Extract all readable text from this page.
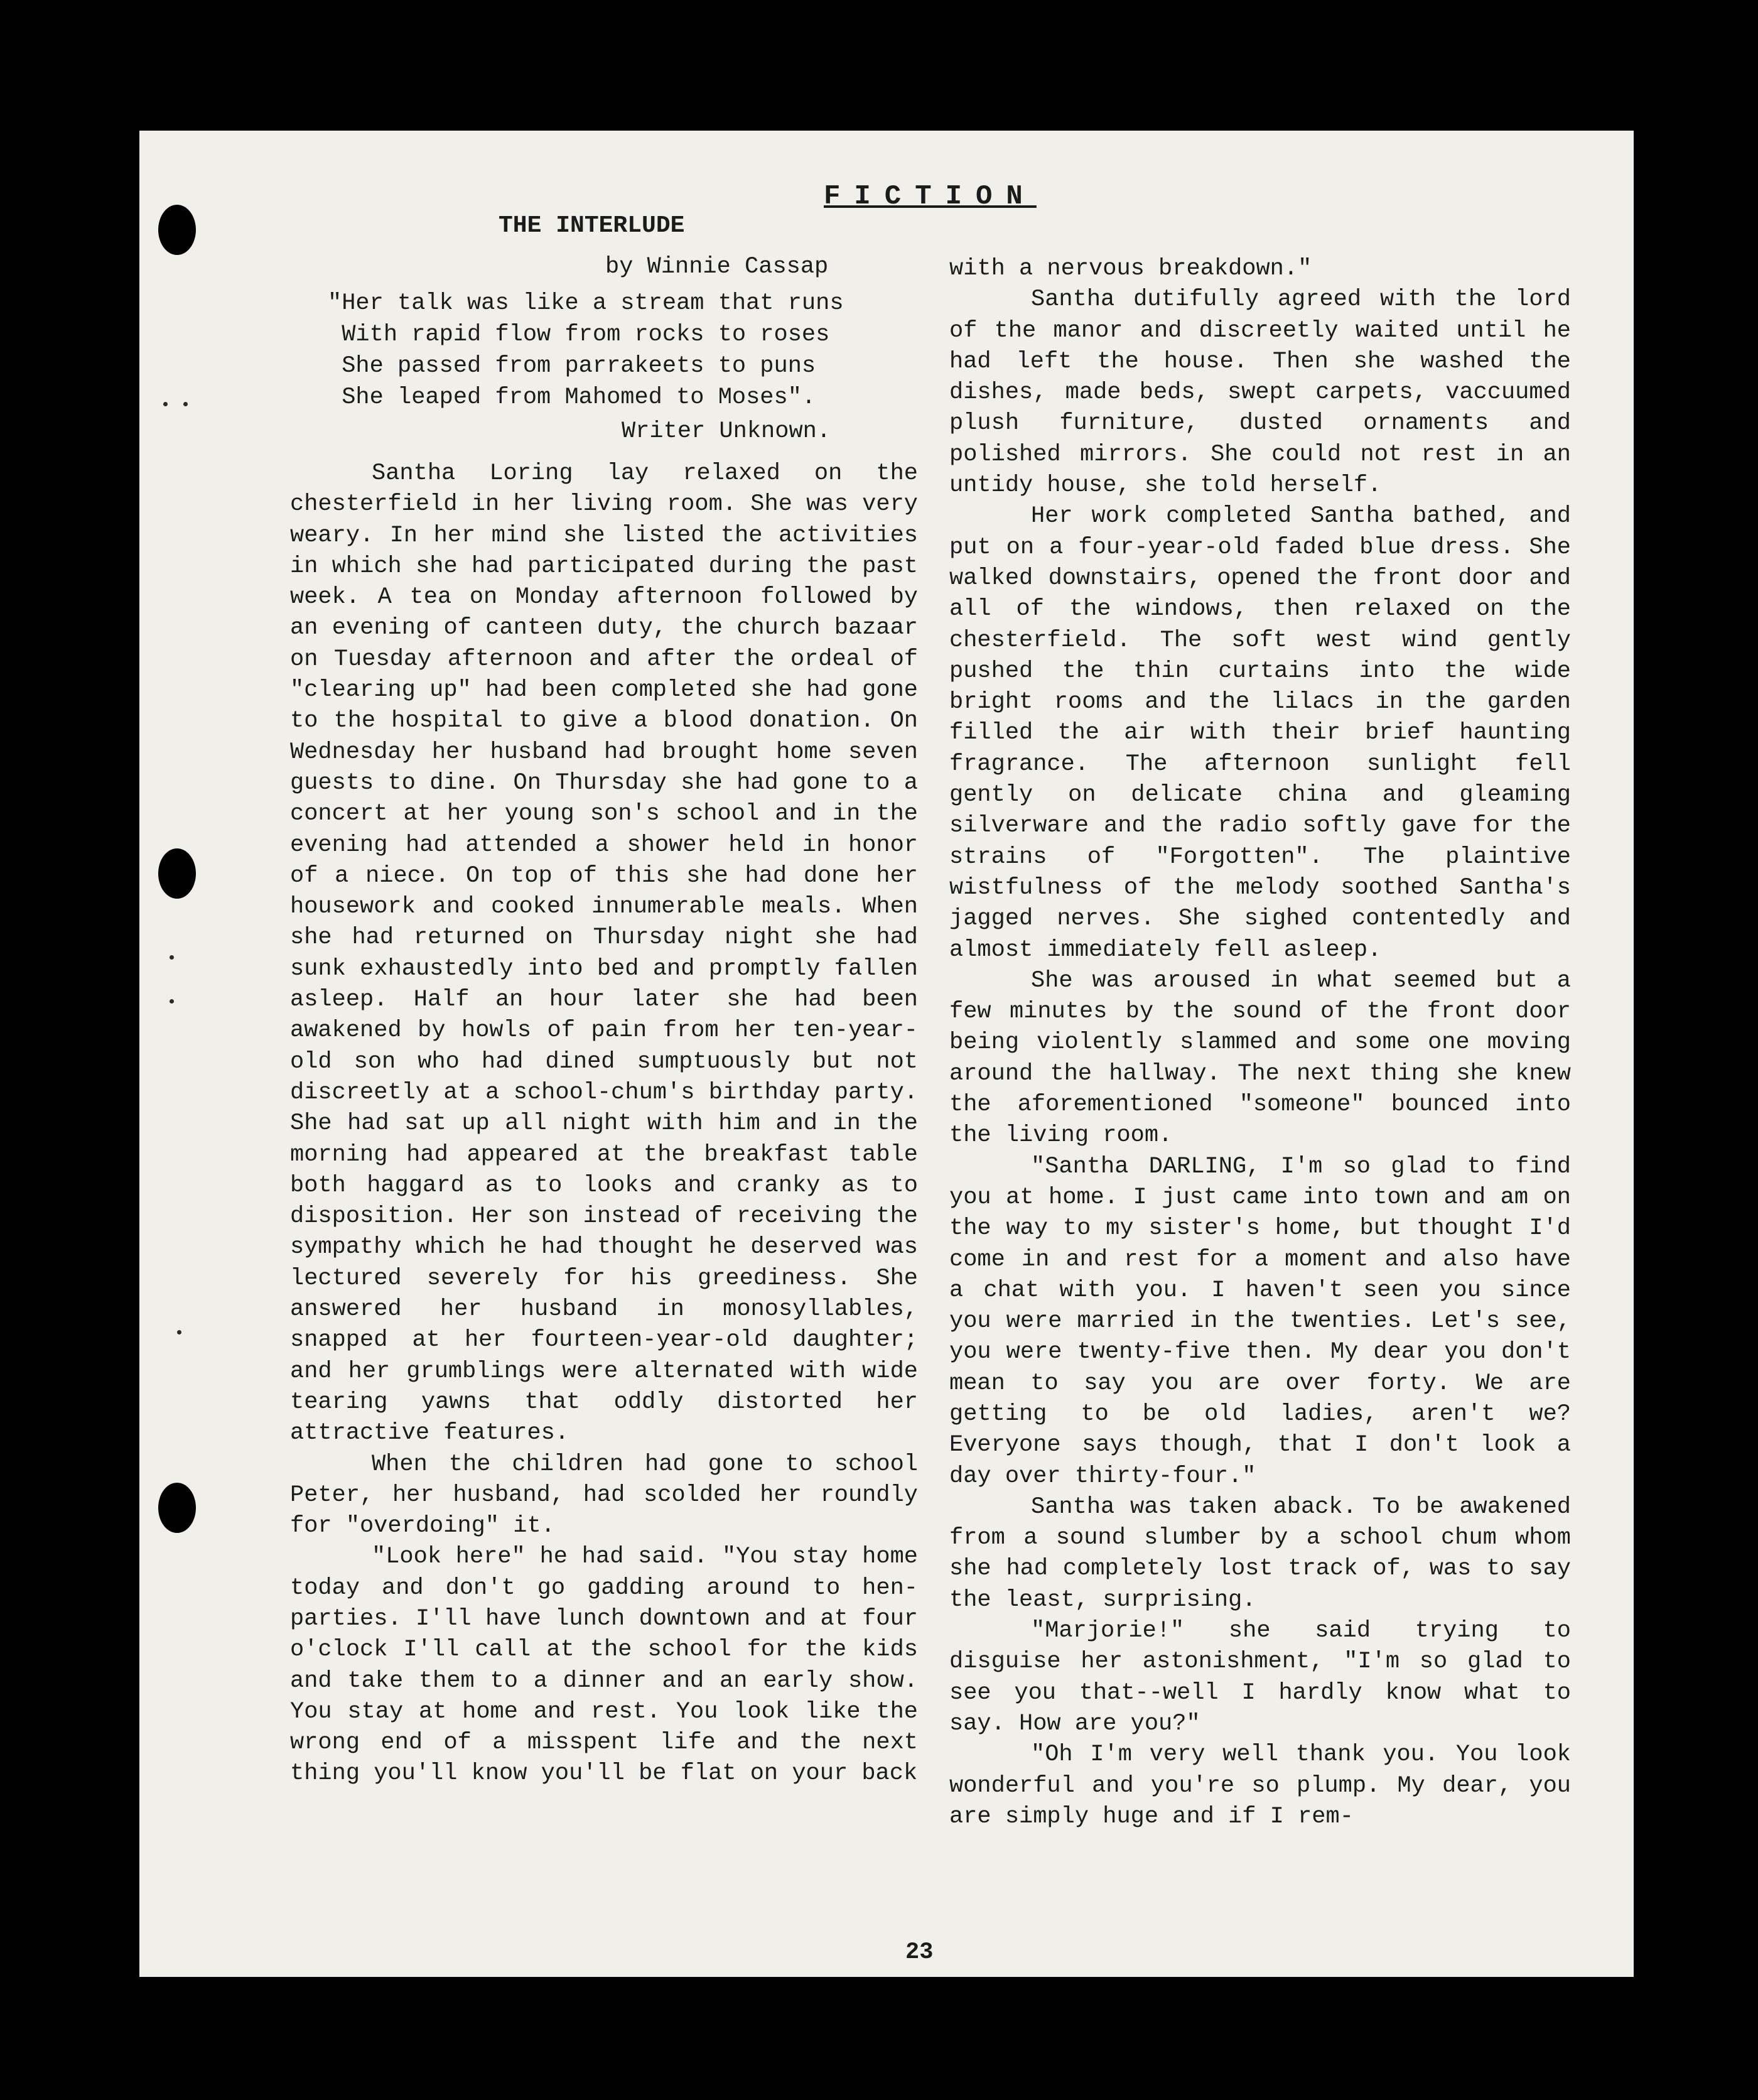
FICTION

THE INTERLUDE

by Winnie Cassap

"Her talk was like a stream that runs
With rapid flow from rocks to roses
She passed from parrakeets to puns
She leaped from Mahomed to Moses".

Writer Unknown.

Santha Loring lay relaxed on the chesterfield in her living room. She was very weary. In her mind she listed the activities in which she had participated during the past week. A tea on Monday afternoon followed by an evening of canteen duty, the church bazaar on Tuesday afternoon and after the ordeal of "clearing up" had been completed she had gone to the hospital to give a blood donation. On Wednesday her husband had brought home seven guests to dine. On Thursday she had gone to a concert at her young son's school and in the evening had attended a shower held in honor of a niece. On top of this she had done her housework and cooked innumerable meals. When she had returned on Thursday night she had sunk exhaustedly into bed and promptly fallen asleep. Half an hour later she had been awakened by howls of pain from her ten-year-old son who had dined sumptuously but not discreetly at a school-chum's birthday party. She had sat up all night with him and in the morning had appeared at the breakfast table both haggard as to looks and cranky as to disposition. Her son instead of receiving the sympathy which he had thought he deserved was lectured severely for his greediness. She answered her husband in monosyllables, snapped at her fourteen-year-old daughter; and her grumblings were alternated with wide tearing yawns that oddly distorted her attractive features.

When the children had gone to school Peter, her husband, had scolded her roundly for "overdoing" it.

"Look here" he had said. "You stay home today and don't go gadding around to hen-parties. I'll have lunch downtown and at four o'clock I'll call at the school for the kids and take them to a dinner and an early show. You stay at home and rest. You look like the wrong end of a misspent life and the next thing you'll know you'll be flat on your back

with a nervous breakdown."

Santha dutifully agreed with the lord of the manor and discreetly waited until he had left the house. Then she washed the dishes, made beds, swept carpets, vaccuumed plush furniture, dusted ornaments and polished mirrors. She could not rest in an untidy house, she told herself.

Her work completed Santha bathed, and put on a four-year-old faded blue dress. She walked downstairs, opened the front door and all of the windows, then relaxed on the chesterfield. The soft west wind gently pushed the thin curtains into the wide bright rooms and the lilacs in the garden filled the air with their brief haunting fragrance. The afternoon sunlight fell gently on delicate china and gleaming silverware and the radio softly gave for the strains of "Forgotten". The plaintive wistfulness of the melody soothed Santha's jagged nerves. She sighed contentedly and almost immediately fell asleep.

She was aroused in what seemed but a few minutes by the sound of the front door being violently slammed and some one moving around the hallway. The next thing she knew the aforementioned "someone" bounced into the living room.

"Santha DARLING, I'm so glad to find you at home. I just came into town and am on the way to my sister's home, but thought I'd come in and rest for a moment and also have a chat with you. I haven't seen you since you were married in the twenties. Let's see, you were twenty-five then. My dear you don't mean to say you are over forty. We are getting to be old ladies, aren't we? Everyone says though, that I don't look a day over thirty-four."

Santha was taken aback. To be awakened from a sound slumber by a school chum whom she had completely lost track of, was to say the least, surprising.

"Marjorie!" she said trying to disguise her astonishment, "I'm so glad to see you that--well I hardly know what to say. How are you?"

"Oh I'm very well thank you. You look wonderful and you're so plump. My dear, you are simply huge and if I rem-

23
